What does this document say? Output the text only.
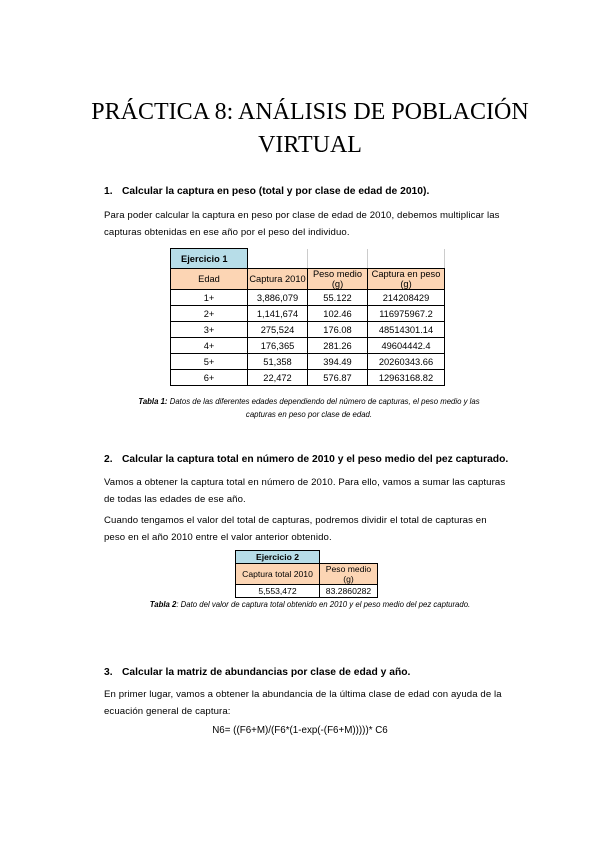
PRÁCTICA 8: ANÁLISIS DE POBLACIÓN
VIRTUAL
1. Calcular la captura en peso (total y por clase de edad de 2010).
Para poder calcular la captura en peso por clase de edad de 2010, debemos multiplicar las
capturas obtenidas en ese año por el peso del individuo.
Ejercicio 1			
Edad	Captura 2010	Peso medio (g)	Captura en peso (g)
1+	3,886,079	55.122	214208429
2+	1,141,674	102.46	116975967.2
3+	275,524	176.08	48514301.14
4+	176,365	281.26	49604442.4
5+	51,358	394.49	20260343.66
6+	22,472	576.87	12963168.82
Tabla 1: Datos de las diferentes edades dependiendo del número de capturas, el peso medio y las
capturas en peso por clase de edad.
2. Calcular la captura total en número de 2010 y el peso medio del pez capturado.
Vamos a obtener la captura total en número de 2010. Para ello, vamos a sumar las capturas
de todas las edades de ese año.
Cuando tengamos el valor del total de capturas, podremos dividir el total de capturas en
peso en el año 2010 entre el valor anterior obtenido.
Ejercicio 2	
Captura total 2010	Peso medio (g)
5,553,472	83.2860282
Tabla 2: Dato del valor de captura total obtenido en 2010 y el peso medio del pez capturado.
3. Calcular la matriz de abundancias por clase de edad y año.
En primer lugar, vamos a obtener la abundancia de la última clase de edad con ayuda de la
ecuación general de captura:
N6= ((F6+M)/(F6*(1-exp(-(F6+M)))))* C6
